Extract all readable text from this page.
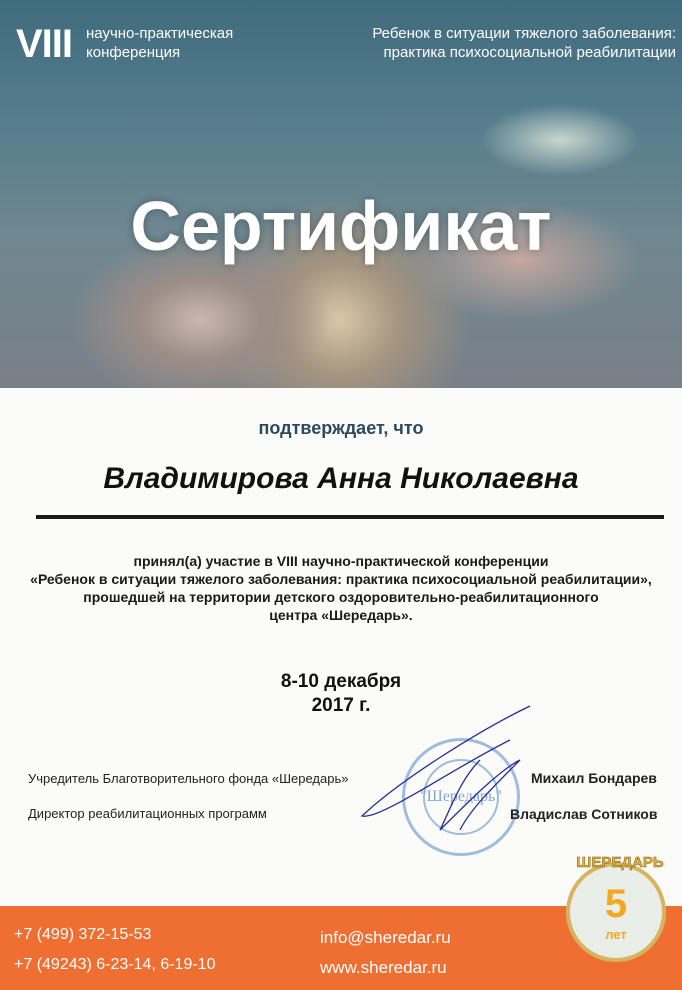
VIII научно-практическая
конференция
Ребенок в ситуации тяжелого заболевания:
практика психосоциальной реабилитации
Сертификат
подтверждает, что
Владимирова Анна Николаевна
принял(а) участие в VIII научно-практической конференции
«Ребенок в ситуации тяжелого заболевания: практика психосоциальной реабилитации»,
прошедшей на территории детского оздоровительно-реабилитационного
центра «Шередарь».
8-10 декабря
2017 г.
"Шередарь"
Учредитель Благотворительного фонда «Шередарь»	Михаил Бондарев
Директор реабилитационных программ	Владислав Сотников
+7 (499) 372-15-53
+7 (49243) 6-23-14, 6-19-10
info@sheredar.ru
www.sheredar.ru
ШЕРЕДАРЬ
5
лет
